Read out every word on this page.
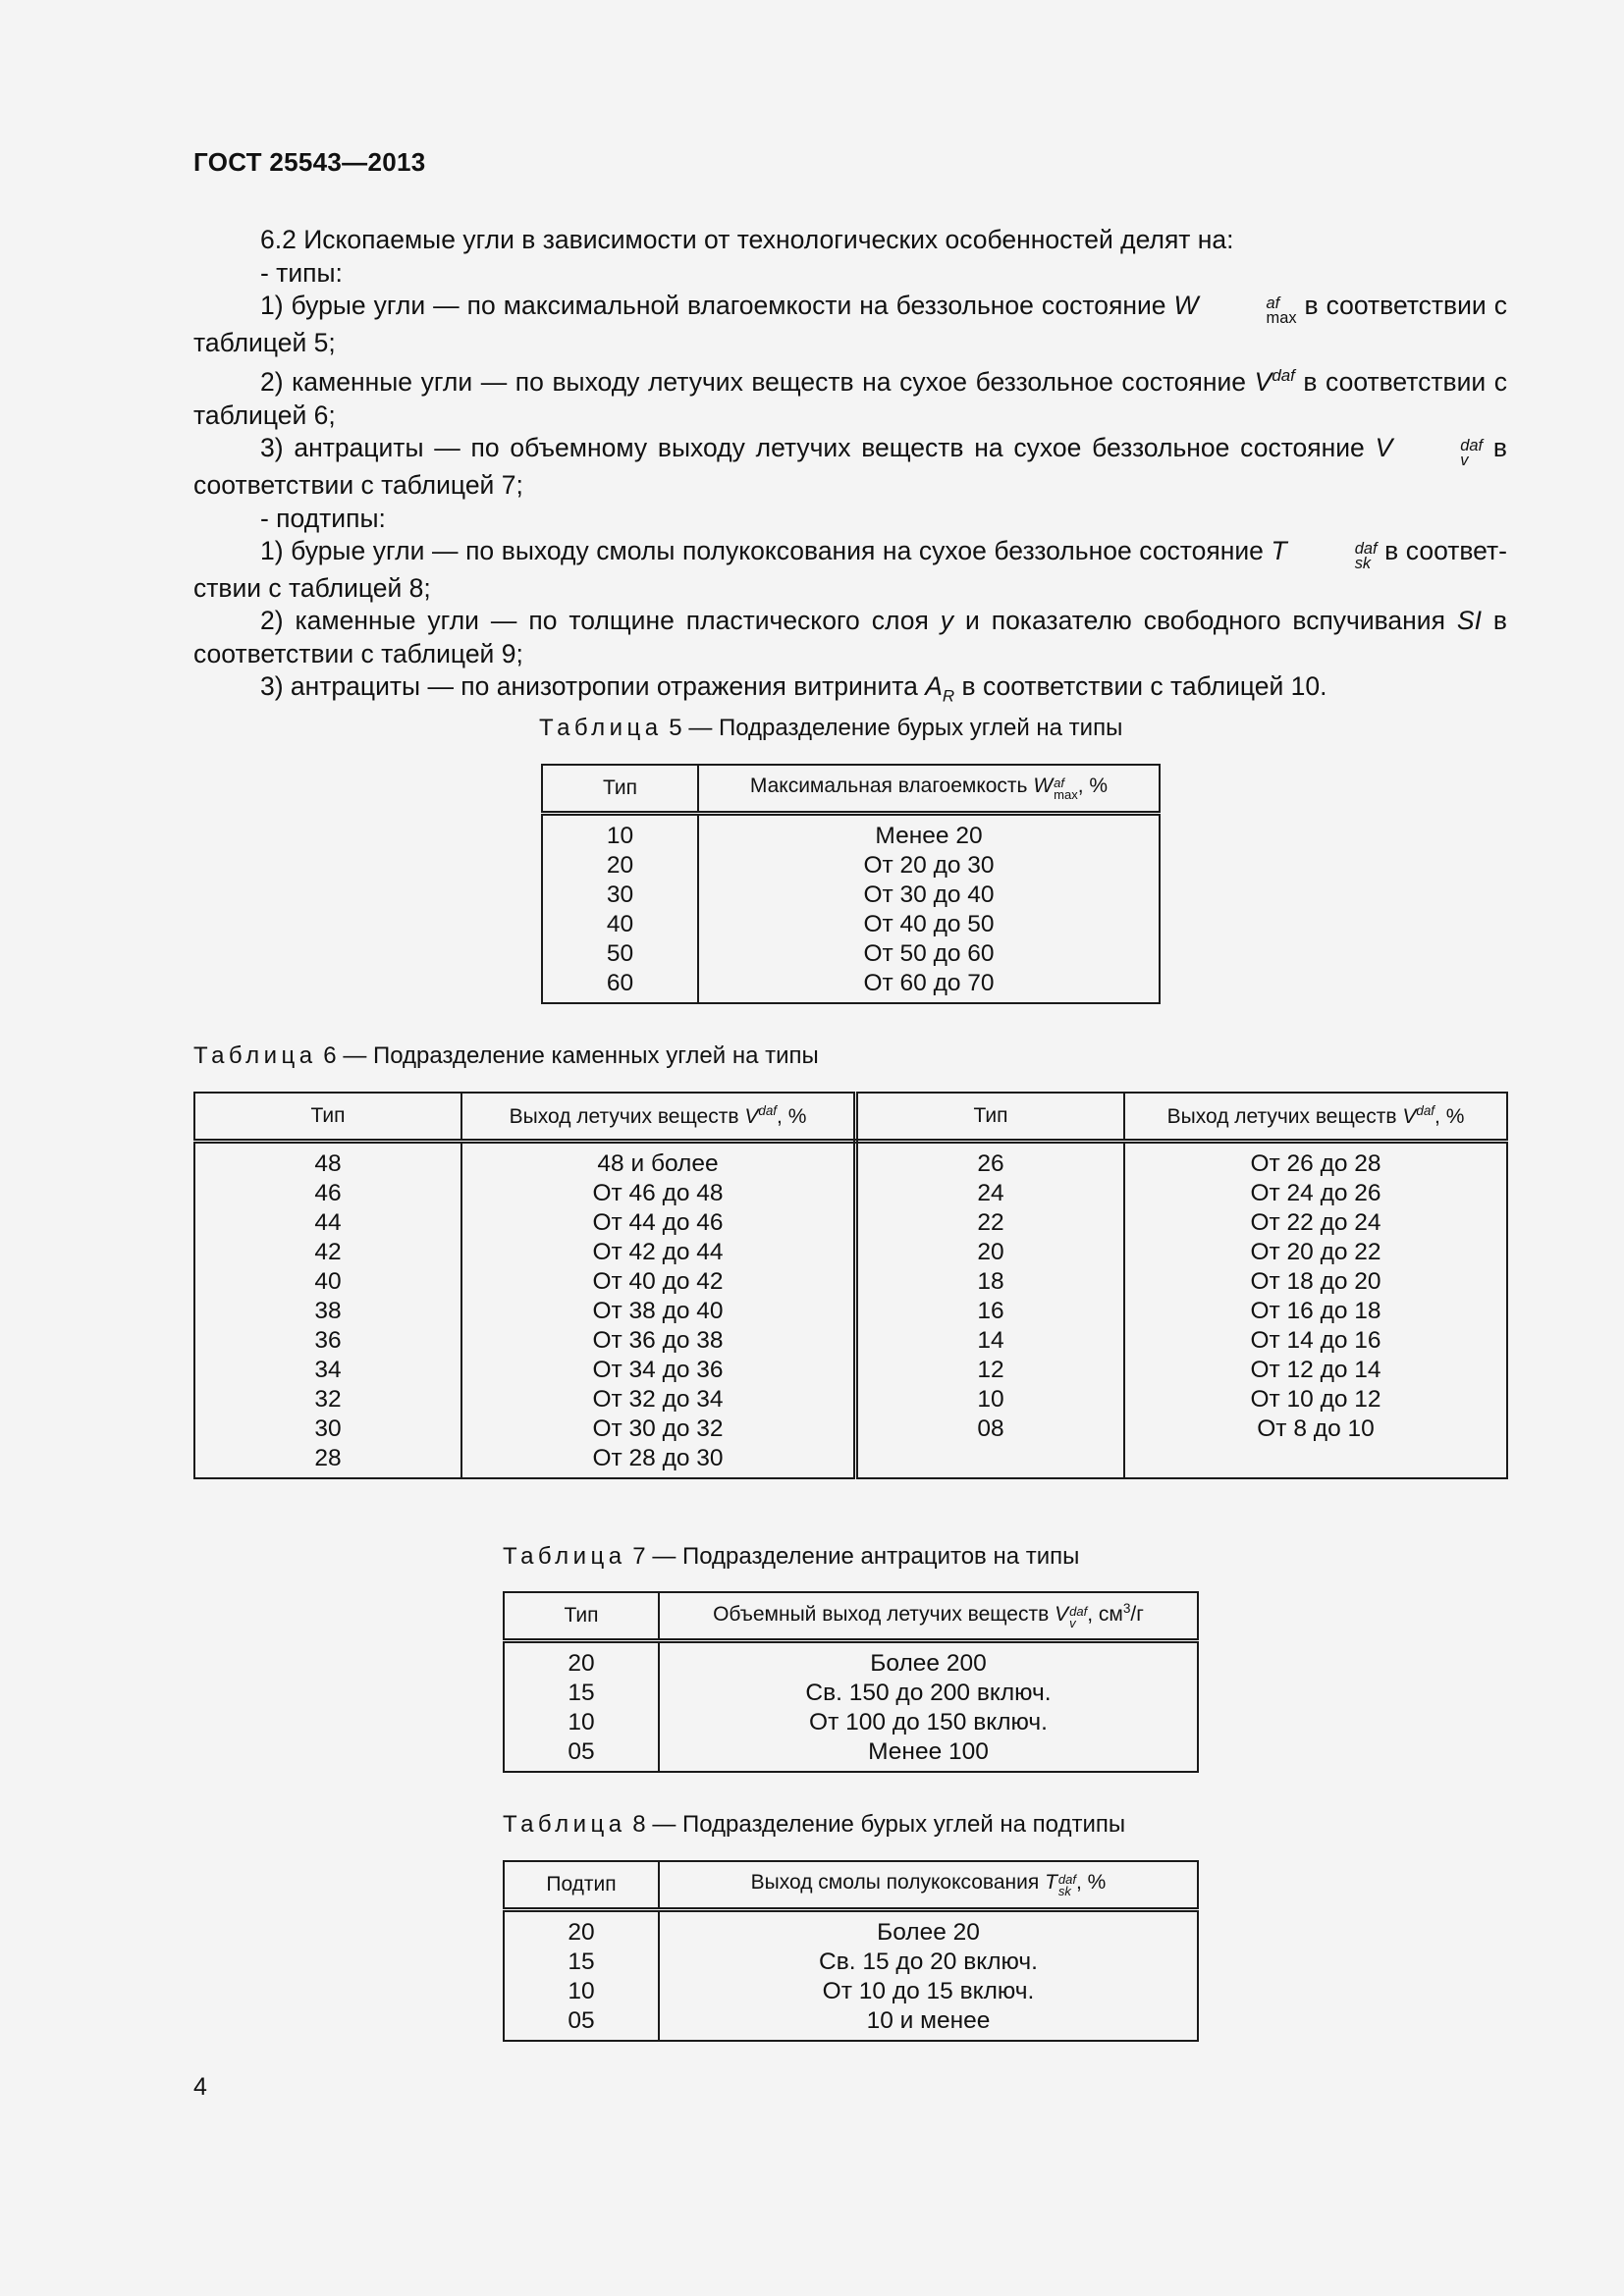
ГОСТ 25543—2013

6.2 Ископаемые угли в зависимости от технологических особенностей делят на:

- типы:

1) бурые угли — по максимальной влагоемкости на беззольное состояние W	af
max в соответствии с таблицей 5;

2) каменные угли — по выходу летучих веществ на сухое беззольное состояние $V^{daf}$ в соответствии с таблицей 6;

3) антрациты — по объемному выходу летучих веществ на сухое беззольное состояние V	daf
v в соответствии с таблицей 7;

- подтипы:

1) бурые угли — по выходу смолы полукоксования на сухое беззольное состояние T	daf
sk в соответствии с таблицей 8;

2) каменные угли — по толщине пластического слоя y и показателю свободного вспучивания SI в соответствии с таблицей 9;

3) антрациты — по анизотропии отражения витринита $A_R$ в соответствии с таблицей 10.

Таблица 5 — Подразделение бурых углей на типы
Тип	Максимальная влагоемкость W af
max , %
10	Менее 20
20	От 20 до 30
30	От 30 до 40
40	От 40 до 50
50	От 50 до 60
60	От 60 до 70
Таблица 6 — Подразделение каменных углей на типы
Тип	Выход летучих веществ $V^{daf}$, %	Тип	Выход летучих веществ $V^{daf}$, %
48	48 и более	26	От 26 до 28
46	От 46 до 48	24	От 24 до 26
44	От 44 до 46	22	От 22 до 24
42	От 42 до 44	20	От 20 до 22
40	От 40 до 42	18	От 18 до 20
38	От 38 до 40	16	От 16 до 18
36	От 36 до 38	14	От 14 до 16
34	От 34 до 36	12	От 12 до 14
32	От 32 до 34	10	От 10 до 12
30	От 30 до 32	08	От 8 до 10
28	От 28 до 30		
Таблица 7 — Подразделение антрацитов на типы
Тип	Объемный выход летучих веществ V daf
v , $см^3/г$
20	Более 200
15	Св. 150 до 200 включ.
10	От 100 до 150 включ.
05	Менее 100
Таблица 8 — Подразделение бурых углей на подтипы
Подтип	Выход смолы полукоксования T daf
sk , %
20	Более 20
15	Св. 15 до 20 включ.
10	От 10 до 15 включ.
05	10 и менее
4
